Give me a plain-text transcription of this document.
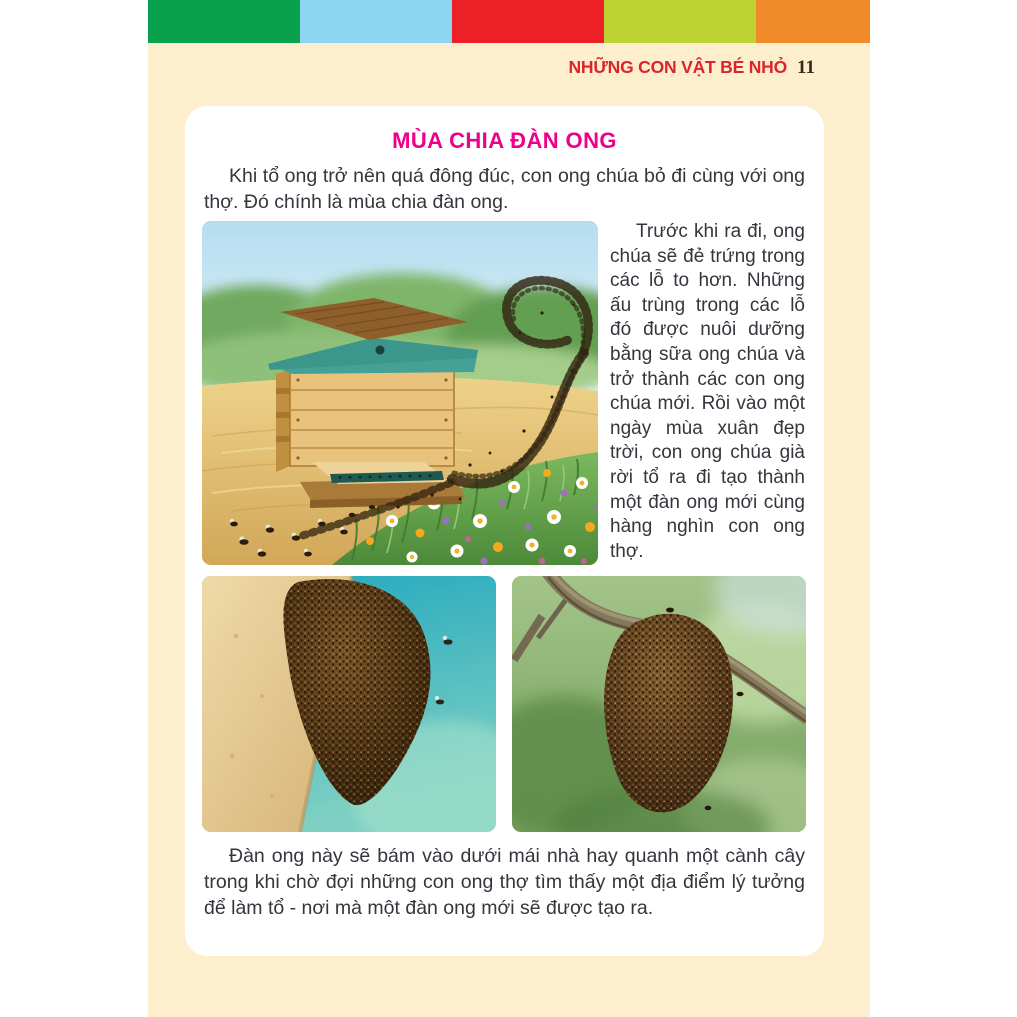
NHỮNG CON VẬT BÉ NHỎ 11
MÙA CHIA ĐÀN ONG

Khi tổ ong trở nên quá đông đúc, con ong chúa bỏ đi cùng với ong thợ. Đó chính là mùa chia đàn ong.

Trước khi ra đi, ong chúa sẽ đẻ trứng trong các lỗ to hơn. Những ấu trùng trong các lỗ đó được nuôi dưỡng bằng sữa ong chúa và trở thành các con ong chúa mới. Rồi vào một ngày mùa xuân đẹp trời, con ong chúa già rời tổ ra đi tạo thành một đàn ong mới cùng hàng nghìn con ong thợ.

Đàn ong này sẽ bám vào dưới mái nhà hay quanh một cành cây trong khi chờ đợi những con ong thợ tìm thấy một địa điểm lý tưởng để làm tổ - nơi mà một đàn ong mới sẽ được tạo ra.
